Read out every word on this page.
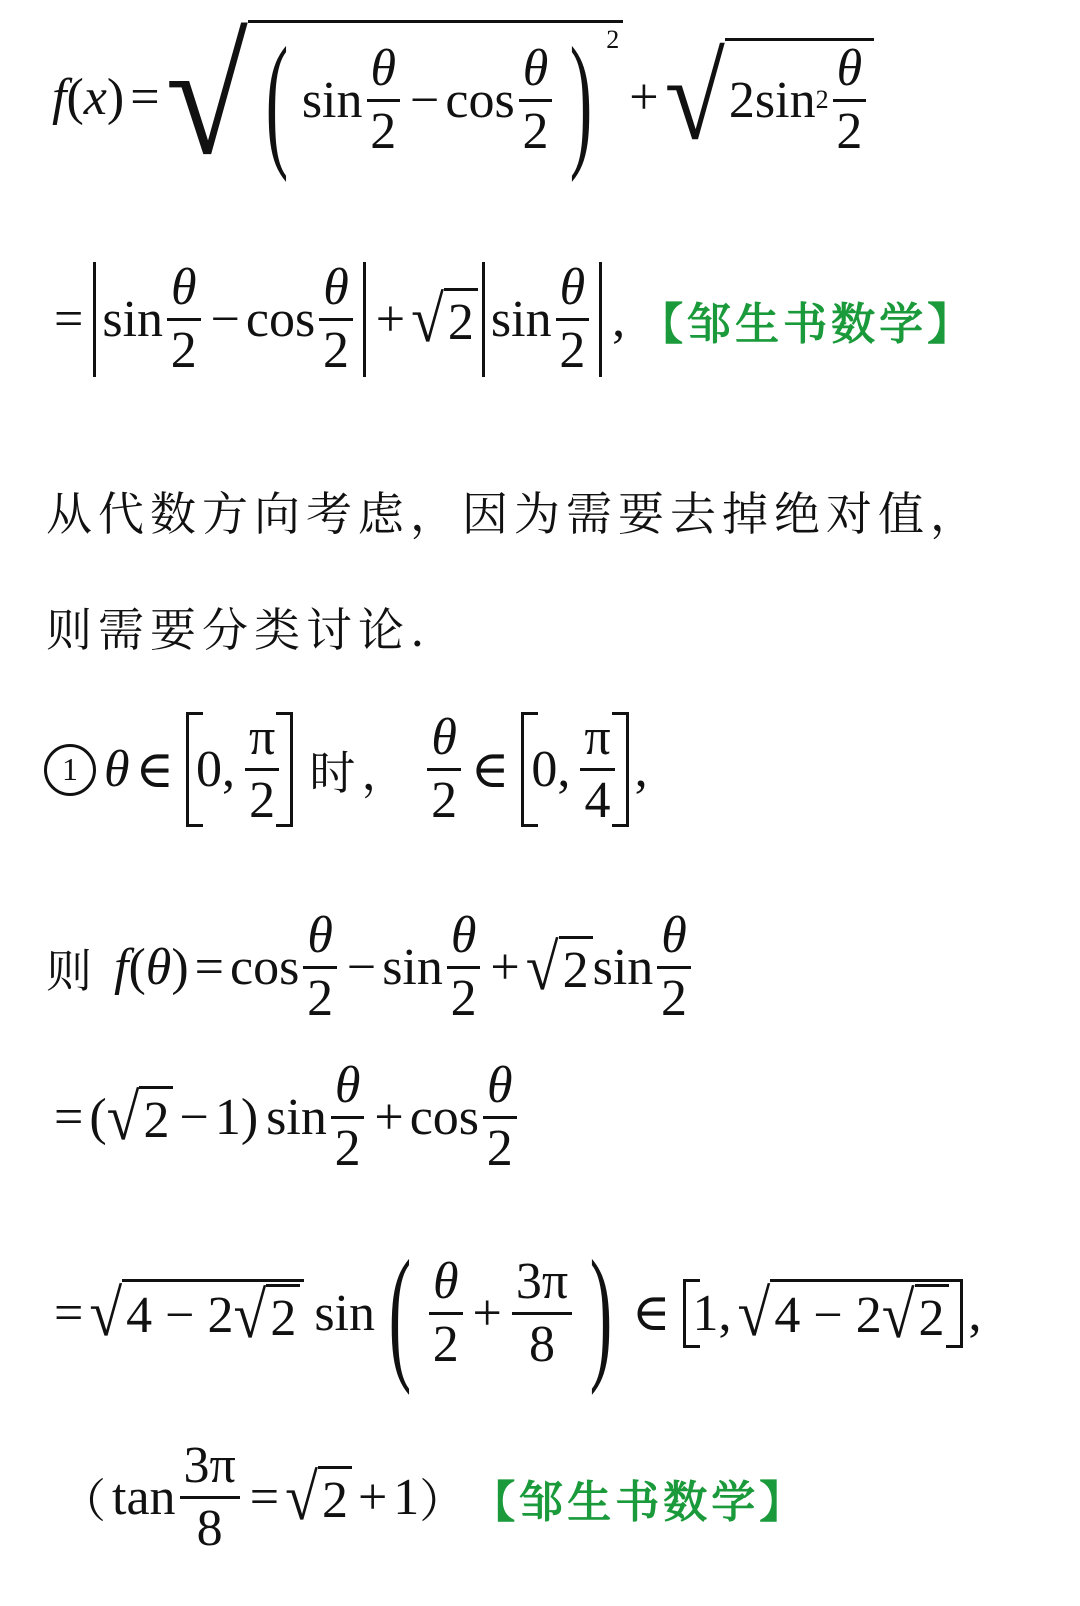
f ( x ) = √ ( $\sin \frac{\theta}{2} - \cos \frac{\theta}{2}$ ) $^2$
+ √ 2sin $2 \frac{\theta}{2}$
= $\sin \frac{\theta}{2} - \cos \frac{\theta}{2}$ + √ 2 $\sin \frac{\theta}{2}$ , 【邹生书数学】
从代数方向考虑，因为需要去掉绝对值，
则需要分类讨论.
1 θ ∈ 0 , $\frac{\pi}{2}$ 时， $\frac{\theta}{2}$ ∈ 0 , $\frac{\pi}{4}$ ,
则 f ( θ ) = $\cos \frac{\theta}{2} - \sin \frac{\theta}{2}$ + √ 2 $\sin \frac{\theta}{2}$
= ( √ 2 − 1 ) $\sin \frac{\theta}{2} + \cos \frac{\theta}{2}$
= √ 4 − 2 √ 2 sin ( $\frac{\theta}{2} + \frac{3\pi}{8}$ ) ∈ 1 , √ 4 − 2 √ 2 ,
（ $\tan \frac{3\pi}{8}$ = √ 2 + 1 ） 【邹生书数学】
